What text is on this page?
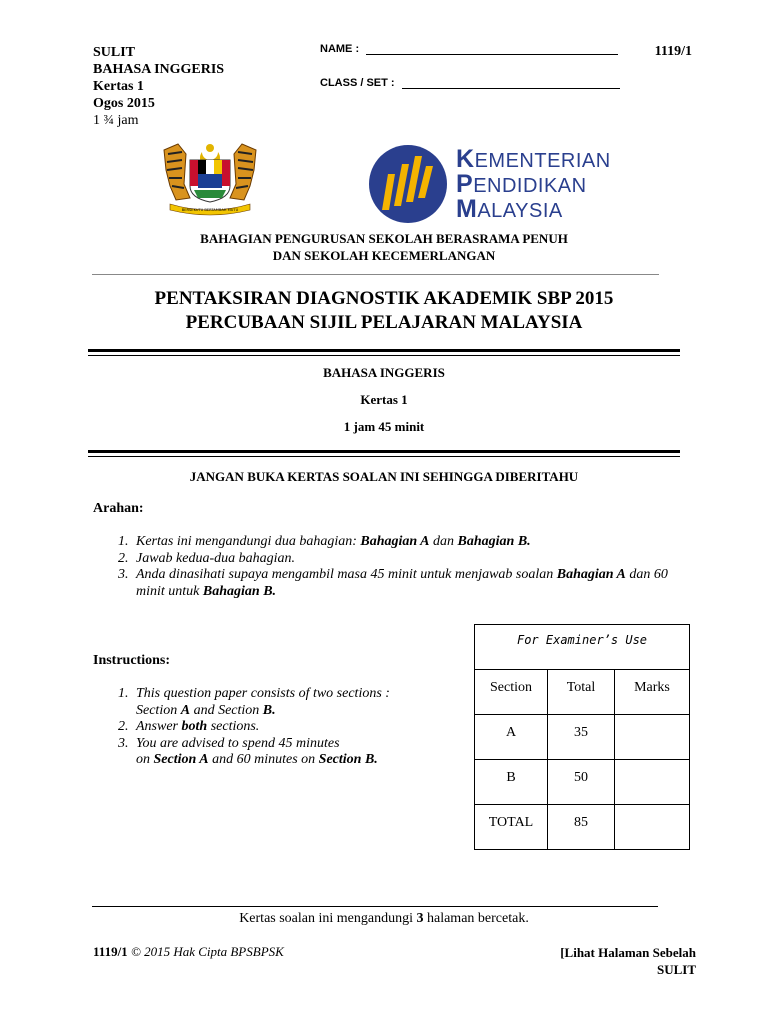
SULIT
BAHASA INGGERIS
Kertas 1
Ogos 2015
1 ¾ jam
NAME :
CLASS / SET :
1119/1
BERSEKUTU BERTAMBAH MUTU
KEMENTERIAN
PENDIDIKAN
MALAYSIA
BAHAGIAN PENGURUSAN SEKOLAH BERASRAMA PENUH
DAN SEKOLAH KECEMERLANGAN
PENTAKSIRAN DIAGNOSTIK AKADEMIK SBP 2015
PERCUBAAN SIJIL PELAJARAN MALAYSIA
BAHASA INGGERIS
Kertas 1
1 jam 45 minit
JANGAN BUKA KERTAS SOALAN INI SEHINGGA DIBERITAHU
Arahan:
1. Kertas ini mengandungi dua bahagian: Bahagian A dan Bahagian B.
2. Jawab kedua-dua bahagian.
3. Anda dinasihati supaya mengambil masa 45 minit untuk menjawab soalan Bahagian A dan 60 minit untuk Bahagian B.
Instructions:
1. This question paper consists of two sections :
Section A and Section B.
2. Answer both sections.
3. You are advised to spend 45 minutes
on Section A and 60 minutes on Section B.
For Examiner’s Use		
Section	Total	Marks
A	35	
B	50	
TOTAL	85	
Kertas soalan ini mengandungi 3 halaman bercetak.
1119/1 © 2015 Hak Cipta BPSBPSK	[Lihat Halaman Sebelah
SULIT
